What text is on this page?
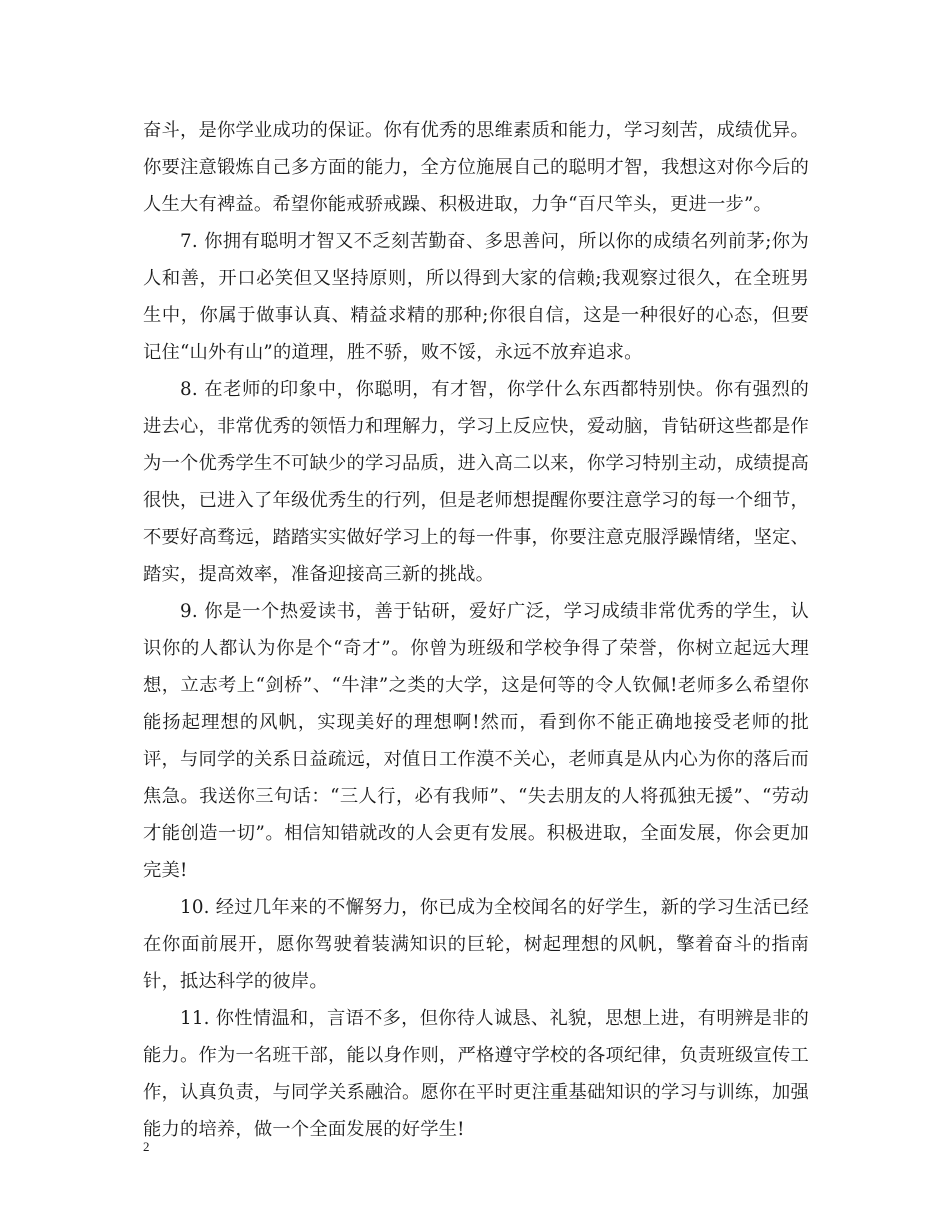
奋斗，是你学业成功的保证。你有优秀的思维素质和能力，学习刻苦，成绩优异。你要注意锻炼自己多方面的能力，全方位施展自己的聪明才智，我想这对你今后的人生大有裨益。希望你能戒骄戒躁、积极进取，力争“百尺竿头，更进一步”。

7. 你拥有聪明才智又不乏刻苦勤奋、多思善问，所以你的成绩名列前茅;你为人和善，开口必笑但又坚持原则，所以得到大家的信赖;我观察过很久，在全班男生中，你属于做事认真、精益求精的那种;你很自信，这是一种很好的心态，但要记住“山外有山”的道理，胜不骄，败不馁，永远不放弃追求。

8. 在老师的印象中，你聪明，有才智，你学什么东西都特别快。你有强烈的进去心，非常优秀的领悟力和理解力，学习上反应快，爱动脑，肯钻研这些都是作为一个优秀学生不可缺少的学习品质，进入高二以来，你学习特别主动，成绩提高很快，已进入了年级优秀生的行列，但是老师想提醒你要注意学习的每一个细节，不要好高骛远，踏踏实实做好学习上的每一件事，你要注意克服浮躁情绪，坚定、踏实，提高效率，准备迎接高三新的挑战。

9. 你是一个热爱读书，善于钻研，爱好广泛，学习成绩非常优秀的学生，认识你的人都认为你是个“奇才”。你曾为班级和学校争得了荣誉，你树立起远大理想，立志考上“剑桥”、“牛津”之类的大学，这是何等的令人钦佩!老师多么希望你能扬起理想的风帆，实现美好的理想啊!然而，看到你不能正确地接受老师的批评，与同学的关系日益疏远，对值日工作漠不关心，老师真是从内心为你的落后而焦急。我送你三句话：“三人行，必有我师”、“失去朋友的人将孤独无援”、“劳动才能创造一切”。相信知错就改的人会更有发展。积极进取，全面发展，你会更加完美!

10. 经过几年来的不懈努力，你已成为全校闻名的好学生，新的学习生活已经在你面前展开，愿你驾驶着装满知识的巨轮，树起理想的风帆，擎着奋斗的指南针，抵达科学的彼岸。

11. 你性情温和，言语不多，但你待人诚恳、礼貌，思想上进，有明辨是非的能力。作为一名班干部，能以身作则，严格遵守学校的各项纪律，负责班级宣传工作，认真负责，与同学关系融洽。愿你在平时更注重基础知识的学习与训练，加强能力的培养，做一个全面发展的好学生!

2
